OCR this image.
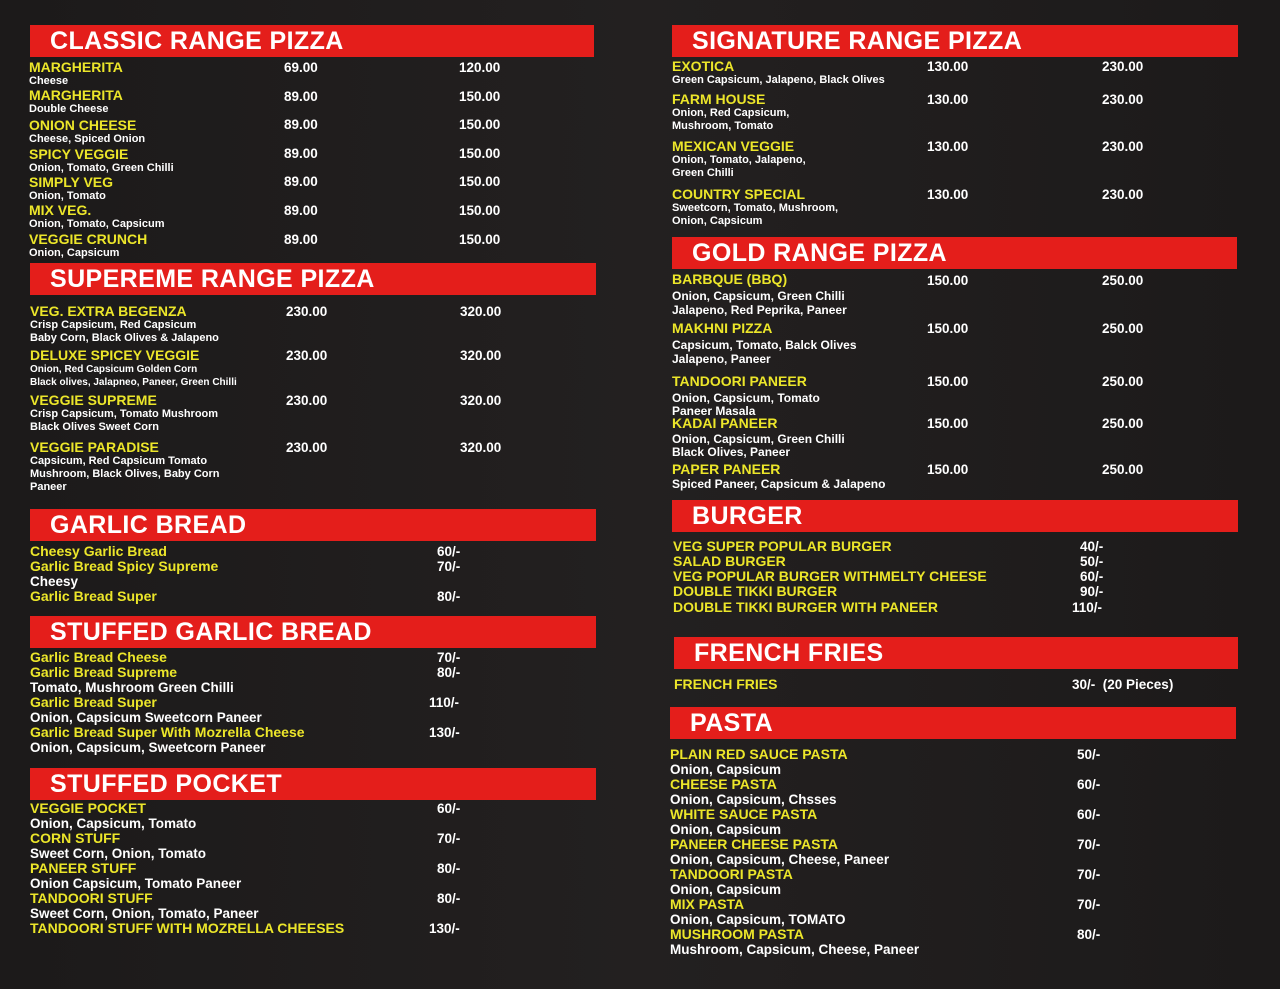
CLASSIC RANGE PIZZA
MARGHERITA
Cheese
69.00	120.00
MARGHERITA
Double Cheese
89.00	150.00
ONION CHEESE
Cheese, Spiced Onion
89.00	150.00
SPICY VEGGIE
Onion, Tomato, Green Chilli
89.00	150.00
SIMPLY VEG
Onion, Tomato
89.00	150.00
MIX VEG.
Onion, Tomato, Capsicum
89.00	150.00
VEGGIE CRUNCH
Onion, Capsicum
89.00	150.00
SUPEREME RANGE PIZZA
VEG. EXTRA BEGENZA
Crisp Capsicum, Red Capsicum
Baby Corn, Black Olives & Jalapeno
230.00	320.00
DELUXE SPICEY VEGGIE
Onion, Red Capsicum Golden Corn
Black olives, Jalapneo, Paneer, Green Chilli
230.00	320.00
VEGGIE SUPREME
Crisp Capsicum, Tomato Mushroom
Black Olives Sweet Corn
230.00	320.00
VEGGIE PARADISE
Capsicum, Red Capsicum Tomato
Mushroom, Black Olives, Baby Corn
Paneer
230.00	320.00
GARLIC BREAD
Cheesy Garlic Bread	60/-
Garlic Bread Spicy Supreme
Cheesy
70/-
Garlic Bread Super	80/-
STUFFED GARLIC BREAD
Garlic Bread Cheese	70/-
Garlic Bread Supreme
Tomato, Mushroom Green Chilli
80/-
Garlic Bread Super
Onion, Capsicum Sweetcorn Paneer
110/-
Garlic Bread Super With Mozrella Cheese
Onion, Capsicum, Sweetcorn Paneer
130/-
STUFFED POCKET
VEGGIE POCKET
Onion, Capsicum, Tomato
60/-
CORN STUFF
Sweet Corn, Onion, Tomato
70/-
PANEER STUFF
Onion Capsicum, Tomato Paneer
80/-
TANDOORI STUFF
Sweet Corn, Onion, Tomato, Paneer
80/-
TANDOORI STUFF WITH MOZRELLA CHEESES	130/-
SIGNATURE RANGE PIZZA
EXOTICA
Green Capsicum, Jalapeno, Black Olives
130.00	230.00
FARM HOUSE
Onion, Red Capsicum,
Mushroom, Tomato
130.00	230.00
MEXICAN VEGGIE
Onion, Tomato, Jalapeno,
Green Chilli
130.00	230.00
COUNTRY SPECIAL
Sweetcorn, Tomato, Mushroom,
Onion, Capsicum
130.00	230.00
GOLD RANGE PIZZA
BARBQUE (BBQ)
Onion, Capsicum, Green Chilli
Jalapeno, Red Peprika, Paneer
150.00	250.00
MAKHNI PIZZA
Capsicum, Tomato, Balck Olives
Jalapeno, Paneer
150.00	250.00
TANDOORI PANEER
Onion, Capsicum, Tomato
Paneer Masala
150.00	250.00
KADAI PANEER
Onion, Capsicum, Green Chilli
Black Olives, Paneer
150.00	250.00
PAPER PANEER
Spiced Paneer, Capsicum & Jalapeno
150.00	250.00
BURGER
VEG SUPER POPULAR BURGER	40/-
SALAD BURGER	50/-
VEG POPULAR BURGER WITHMELTY CHEESE	60/-
DOUBLE TIKKI BURGER	90/-
DOUBLE TIKKI BURGER WITH PANEER	110/-
FRENCH FRIES
FRENCH FRIES	30/-  (20 Pieces)
PASTA
PLAIN RED SAUCE PASTA
Onion, Capsicum
50/-
CHEESE PASTA
Onion, Capsicum, Chsses
60/-
WHITE SAUCE PASTA
Onion, Capsicum
60/-
PANEER CHEESE PASTA
Onion, Capsicum, Cheese, Paneer
70/-
TANDOORI PASTA
Onion, Capsicum
70/-
MIX PASTA
Onion, Capsicum, TOMATO
70/-
MUSHROOM PASTA
Mushroom, Capsicum, Cheese, Paneer
80/-
